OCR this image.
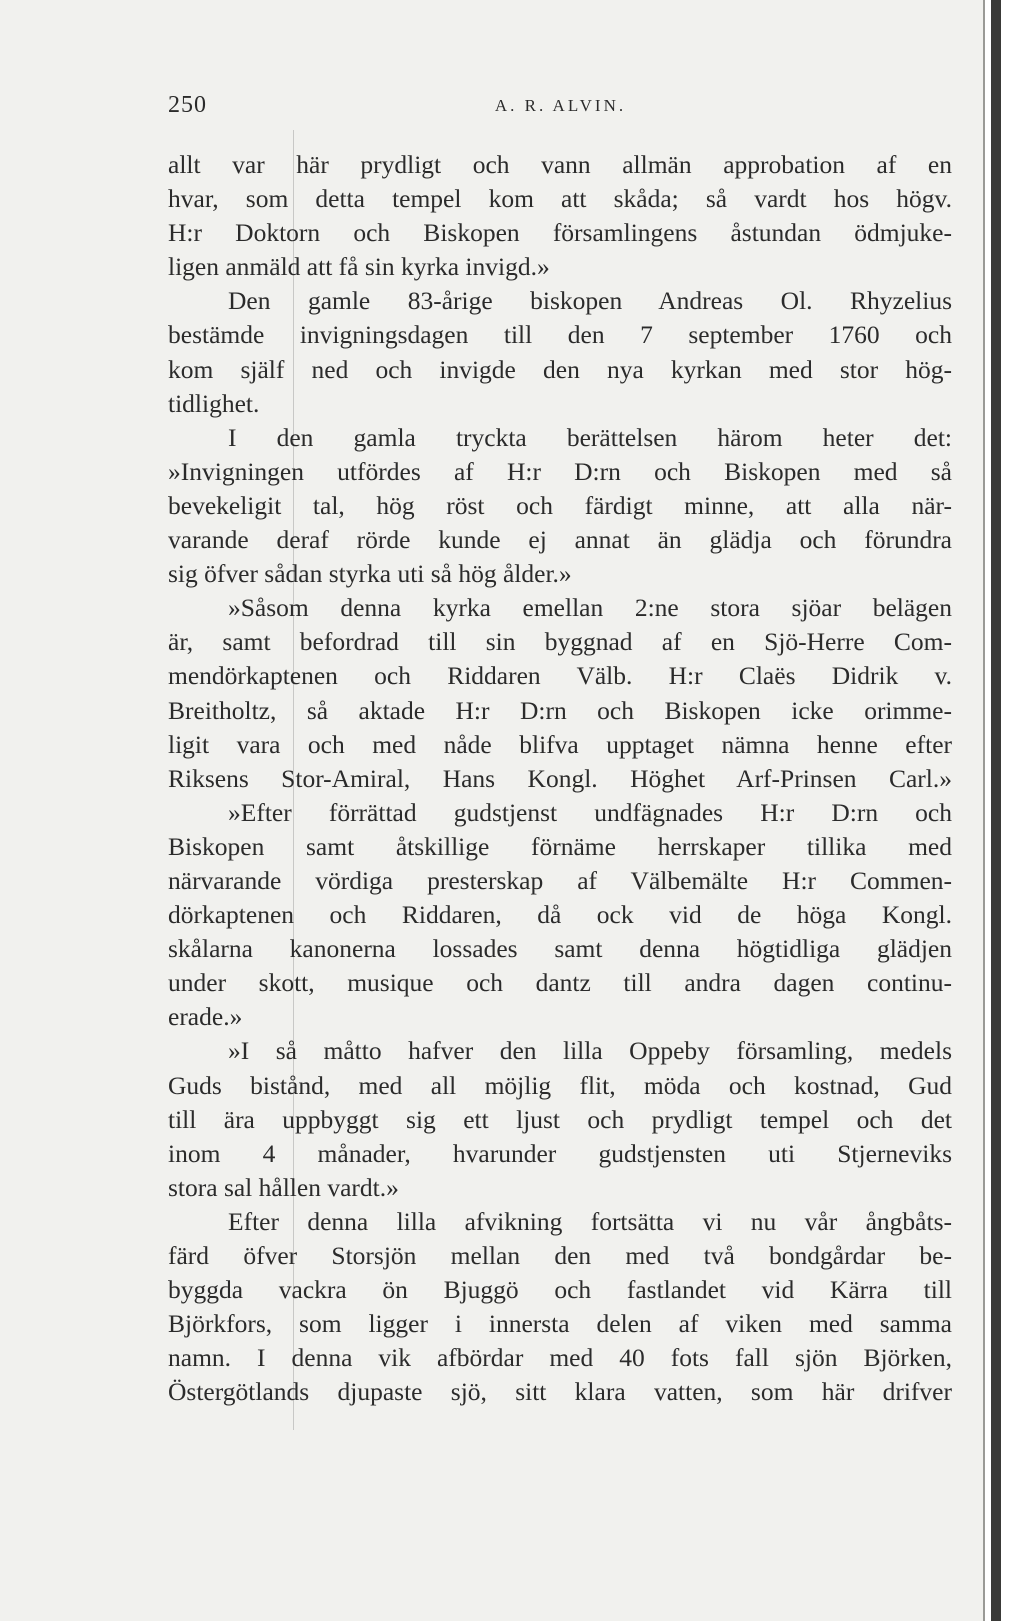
250	A. R. ALVIN.
allt var här prydligt och vann allmän approbation af en
hvar, som detta tempel kom att skåda; så vardt hos högv.
H:r Doktorn och Biskopen församlingens åstundan ödmjuke-
ligen anmäld att få sin kyrka invigd.»
Den gamle 83-årige biskopen Andreas Ol. Rhyzelius
bestämde invigningsdagen till den 7 september 1760 och
kom själf ned och invigde den nya kyrkan med stor hög-
tidlighet.
I den gamla tryckta berättelsen härom heter det:
»Invigningen utfördes af H:r D:rn och Biskopen med så
bevekeligit tal, hög röst och färdigt minne, att alla när-
varande deraf rörde kunde ej annat än glädja och förundra
sig öfver sådan styrka uti så hög ålder.»
»Såsom denna kyrka emellan 2:ne stora sjöar belägen
är, samt befordrad till sin byggnad af en Sjö-Herre Com-
mendörkaptenen och Riddaren Välb. H:r Claës Didrik v.
Breitholtz, så aktade H:r D:rn och Biskopen icke orimme-
ligit vara och med nåde blifva upptaget nämna henne efter
Riksens Stor-Amiral, Hans Kongl. Höghet Arf-Prinsen Carl.»
»Efter förrättad gudstjenst undfägnades H:r D:rn och
Biskopen samt åtskillige förnäme herrskaper tillika med
närvarande vördiga presterskap af Välbemälte H:r Commen-
dörkaptenen och Riddaren, då ock vid de höga Kongl.
skålarna kanonerna lossades samt denna högtidliga glädjen
under skott, musique och dantz till andra dagen continu-
erade.»
»I så måtto hafver den lilla Oppeby församling, medels
Guds bistånd, med all möjlig flit, möda och kostnad, Gud
till ära uppbyggt sig ett ljust och prydligt tempel och det
inom 4 månader, hvarunder gudstjensten uti Stjerneviks
stora sal hållen vardt.»
Efter denna lilla afvikning fortsätta vi nu vår ångbåts-
färd öfver Storsjön mellan den med två bondgårdar be-
byggda vackra ön Bjuggö och fastlandet vid Kärra till
Björkfors, som ligger i innersta delen af viken med samma
namn. I denna vik afbördar med 40 fots fall sjön Björken,
Östergötlands djupaste sjö, sitt klara vatten, som här drifver
